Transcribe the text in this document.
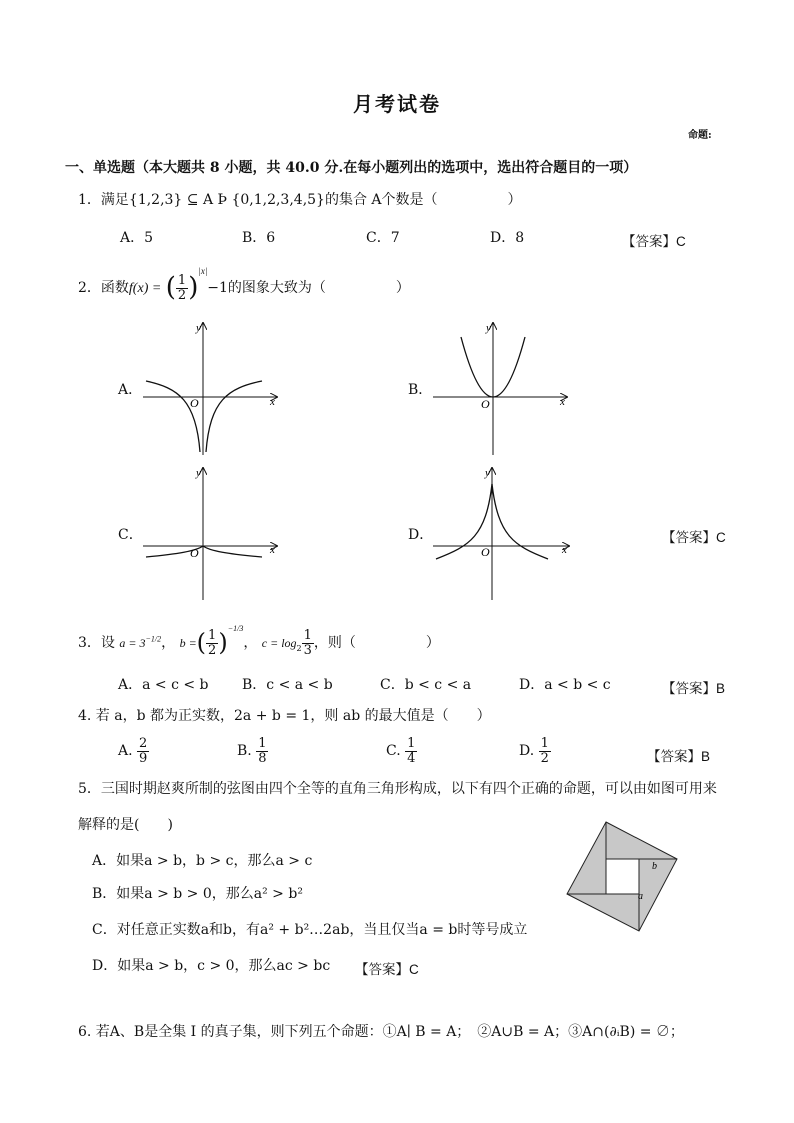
月考试卷
命题:
一、单选题（本大题共 8 小题，共 40.0 分.在每小题列出的选项中，选出符合题目的一项）
1．满足{1,2,3} ⊆ A Þ {0,1,2,3,4,5}的集合 A个数是（　　　　　）
A．5	B．6	C．7	D．8	【答案】C
2．函数f(x) = ( $\frac{1}{2} )^{|x|}-1$的图象大致为（　　　　　）
A．	B．
C．	D．	【答案】C
O	x
y
O	x
y
O	x
y
O	x
y
b
a
3．设 $a = 3^{-1/2}$， b =( $\frac{1}{2} )^{-1/3}$， $c = \log_2 \frac{1}{3}$ ，则（　　　　　）
A．a < c < b B．c < a < b	C．b < c < a	D．a < b < c	【答案】B
4. 若 a，b 都为正实数，2a + b = 1，则 ab 的最大值是（　　）
A. $\frac{2}{9}$	B. $\frac{1}{8}$	C. $\frac{1}{4}$	D. $\frac{1}{2}$	【答案】B
5．三国时期赵爽所制的弦图由四个全等的直角三角形构成，以下有四个正确的命题，可以由如图可用来
解释的是(　　)
A．如果a > b，b > c，那么a > c
B．如果a > b > 0，那么a² > b²
C．对任意正实数a和b，有a² + b²…2ab，当且仅当a = b时等号成立
D．如果a > b，c > 0，那么ac > bc 【答案】C
6. 若A、B是全集 I 的真子集，则下列五个命题：①A∣ B = A；　②A∪B = A；③A∩(∂ᵢB) = ∅；
